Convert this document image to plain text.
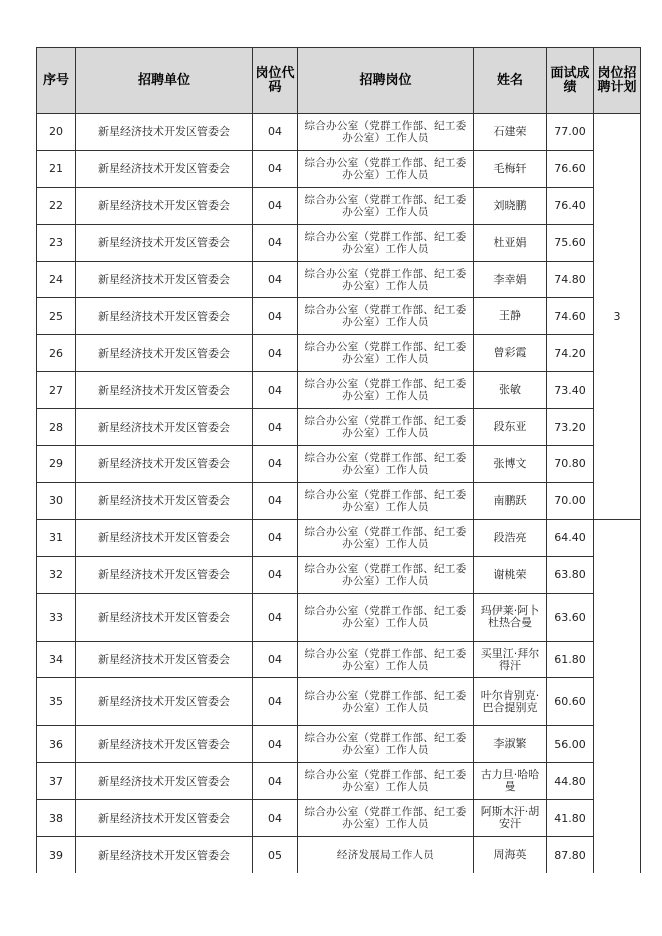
序号	招聘单位	岗位代码	招聘岗位	姓名	面试成绩	岗位招聘计划
20	新星经济技术开发区管委会	04	综合办公室（党群工作部、纪工委办公室）工作人员	石建荣	77.00	3
21	新星经济技术开发区管委会	04	综合办公室（党群工作部、纪工委办公室）工作人员	毛梅轩	76.60	
22	新星经济技术开发区管委会	04	综合办公室（党群工作部、纪工委办公室）工作人员	刘晓鹏	76.40	
23	新星经济技术开发区管委会	04	综合办公室（党群工作部、纪工委办公室）工作人员	杜亚娟	75.60	
24	新星经济技术开发区管委会	04	综合办公室（党群工作部、纪工委办公室）工作人员	李幸娟	74.80	
25	新星经济技术开发区管委会	04	综合办公室（党群工作部、纪工委办公室）工作人员	王静	74.60	
26	新星经济技术开发区管委会	04	综合办公室（党群工作部、纪工委办公室）工作人员	曾彩霞	74.20	
27	新星经济技术开发区管委会	04	综合办公室（党群工作部、纪工委办公室）工作人员	张敏	73.40	
28	新星经济技术开发区管委会	04	综合办公室（党群工作部、纪工委办公室）工作人员	段东亚	73.20	
29	新星经济技术开发区管委会	04	综合办公室（党群工作部、纪工委办公室）工作人员	张博文	70.80	
30	新星经济技术开发区管委会	04	综合办公室（党群工作部、纪工委办公室）工作人员	南鹏跃	70.00	
31	新星经济技术开发区管委会	04	综合办公室（党群工作部、纪工委办公室）工作人员	段浩亮	64.40	
32	新星经济技术开发区管委会	04	综合办公室（党群工作部、纪工委办公室）工作人员	谢桃荣	63.80	
33	新星经济技术开发区管委会	04	综合办公室（党群工作部、纪工委办公室）工作人员	玛伊莱·阿卜杜热合曼	63.60	
34	新星经济技术开发区管委会	04	综合办公室（党群工作部、纪工委办公室）工作人员	买里江·拜尔得汗	61.80	
35	新星经济技术开发区管委会	04	综合办公室（党群工作部、纪工委办公室）工作人员	叶尔肯别克·巴合提别克	60.60	
36	新星经济技术开发区管委会	04	综合办公室（党群工作部、纪工委办公室）工作人员	李淑繁	56.00	
37	新星经济技术开发区管委会	04	综合办公室（党群工作部、纪工委办公室）工作人员	古力旦·哈哈曼	44.80	
38	新星经济技术开发区管委会	04	综合办公室（党群工作部、纪工委办公室）工作人员	阿斯木汗·胡安汗	41.80	
39	新星经济技术开发区管委会	05	经济发展局工作人员	周海英	87.80	
